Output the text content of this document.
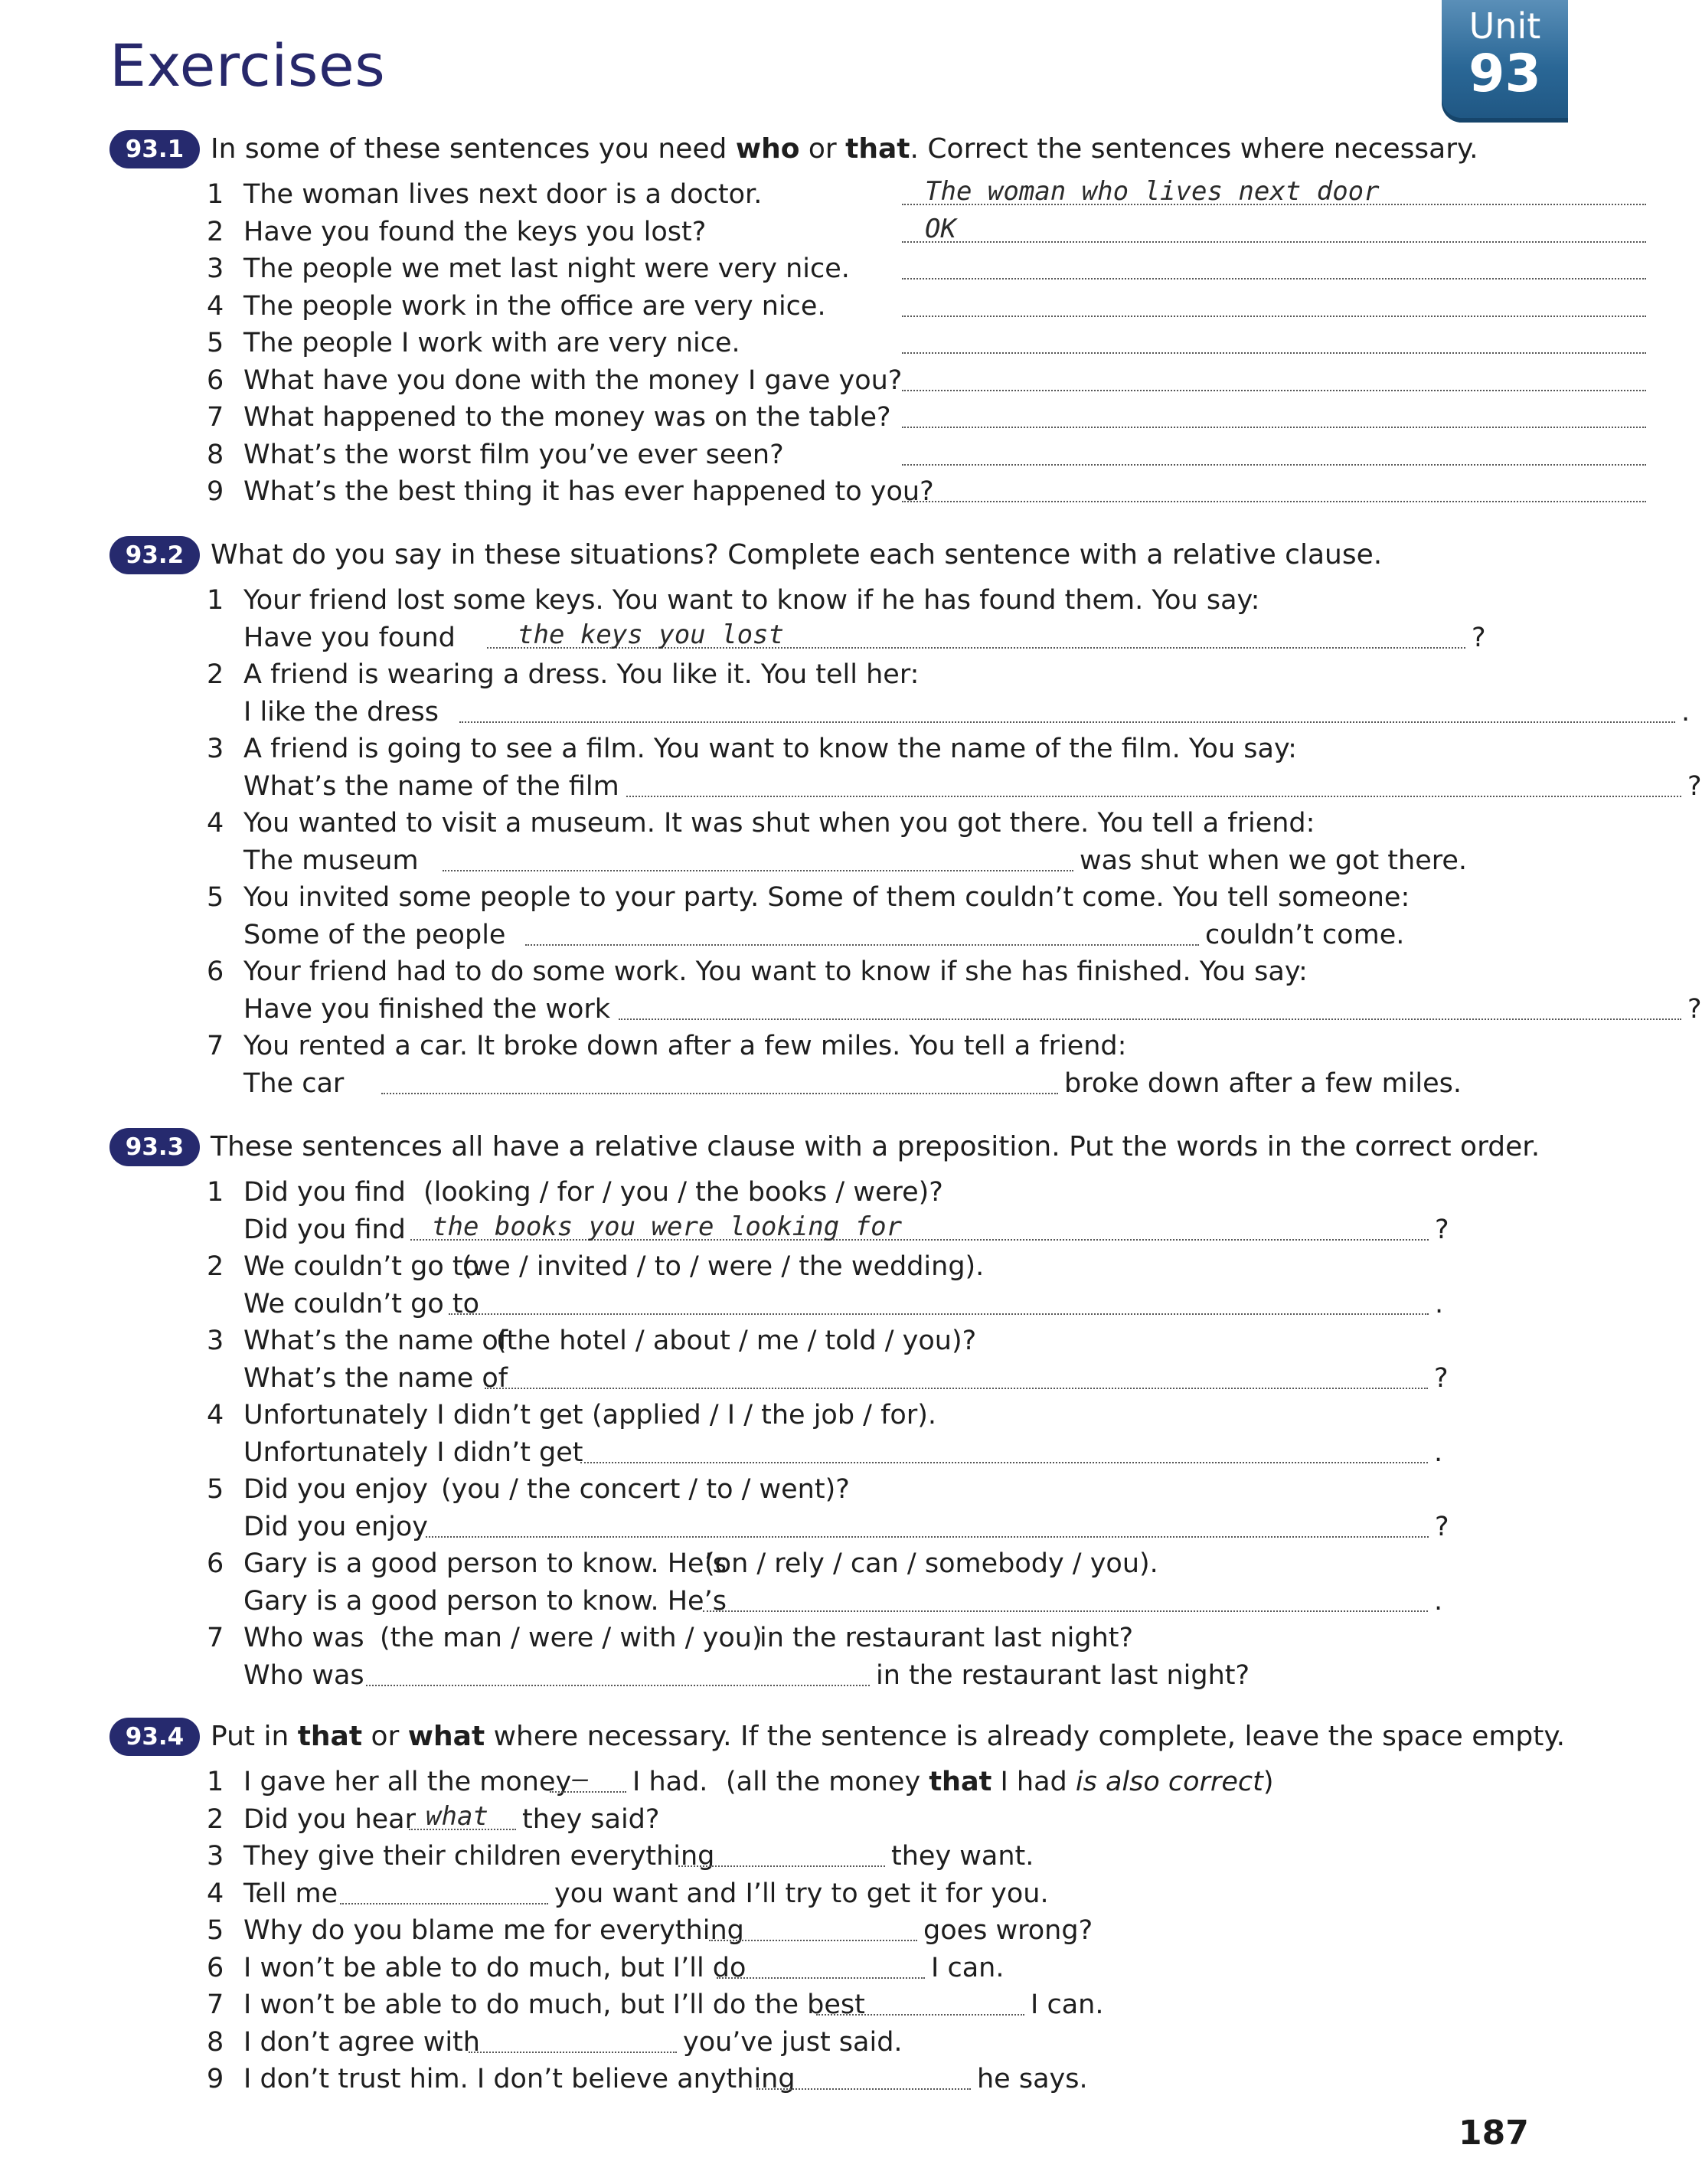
Exercises
Unit
93
93.1 In some of these sentences you need who or that. Correct the sentences where necessary.
1 The woman lives next door is a doctor.	The woman who lives next door
2 Have you found the keys you lost?	OK
3 The people we met last night were very nice.
4 The people work in the office are very nice.
5 The people I work with are very nice.
6 What have you done with the money I gave you?
7 What happened to the money was on the table?
8 What’s the worst film you’ve ever seen?
9 What’s the best thing it has ever happened to you?
93.2 What do you say in these situations? Complete each sentence with a relative clause.
1 Your friend lost some keys. You want to know if he has found them. You say:
Have you found the keys you lost	?
2 A friend is wearing a dress. You like it. You tell her:
I like the dress	.
3 A friend is going to see a film. You want to know the name of the film. You say:
What’s the name of the film	?
4 You wanted to visit a museum. It was shut when you got there. You tell a friend:
The museum	was shut when we got there.
5 You invited some people to your party. Some of them couldn’t come. You tell someone:
Some of the people	couldn’t come.
6 Your friend had to do some work. You want to know if she has finished. You say:
Have you finished the work	?
7 You rented a car. It broke down after a few miles. You tell a friend:
The car	broke down after a few miles.
93.3 These sentences all have a relative clause with a preposition. Put the words in the correct order.
1 Did you find (looking / for / you / the books / were)?
Did you find the books you were looking for	?
2 We couldn’t go to
(we / invited / to / were / the wedding).
We couldn’t go to	.
3 What’s the name of
(the hotel / about / me / told / you)?
What’s the name of	?
4 Unfortunately I didn’t get (applied / I / the job / for).
Unfortunately I didn’t get	.
5 Did you enjoy (you / the concert / to / went)?
Did you enjoy	?
6 Gary is a good person to know. He’s
(on / rely / can / somebody / you).
Gary is a good person to know. He’s	.
7 Who was (the man / were / with / you)
in the restaurant last night?
Who was	in the restaurant last night?
93.4 Put in that or what where necessary. If the sentence is already complete, leave the space empty.
1 I gave her all the money – I had. (all the money that I had is also correct)
2 Did you hear what they said?
3 They give their children everything	they want.
4 Tell me	you want and I’ll try to get it for you.
5 Why do you blame me for everything	goes wrong?
6 I won’t be able to do much, but I’ll do	I can.
7 I won’t be able to do much, but I’ll do the best	I can.
8 I don’t agree with	you’ve just said.
9 I don’t trust him. I don’t believe anything	he says.
187
